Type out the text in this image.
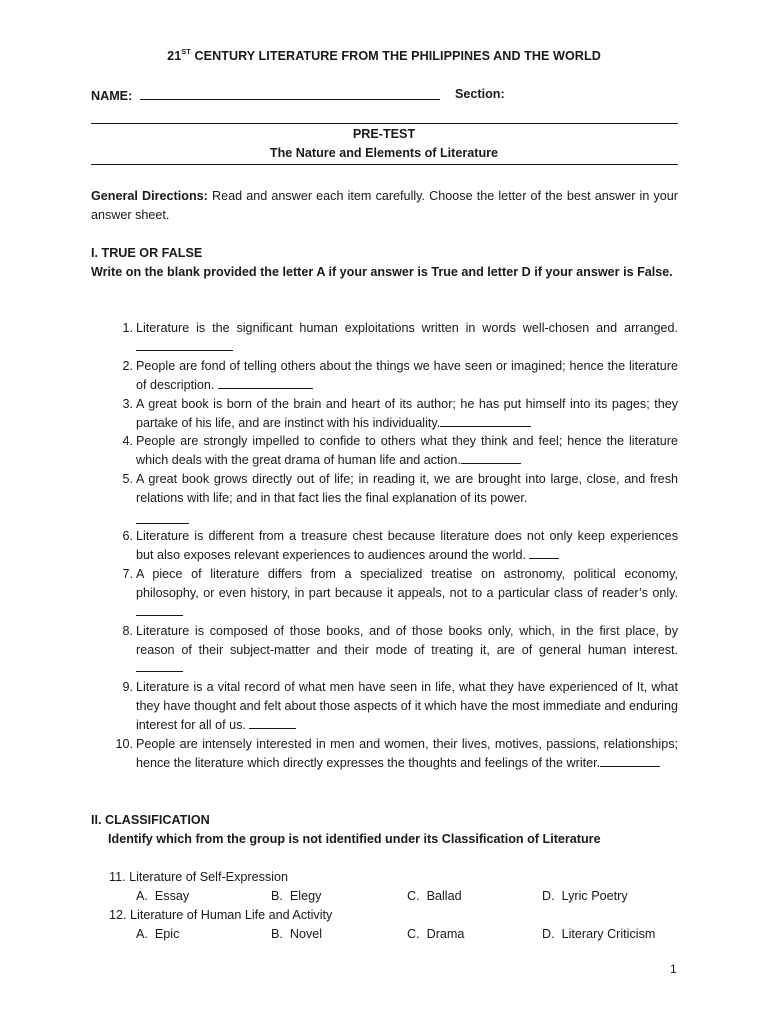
21ST CENTURY LITERATURE FROM THE PHILIPPINES AND THE WORLD
NAME:	Section:
PRE-TEST
The Nature and Elements of Literature
General Directions: Read and answer each item carefully. Choose the letter of the best answer in your answer sheet.
I. TRUE OR FALSE
Write on the blank provided the letter A if your answer is True and letter D if your answer is False.
1. Literature is the significant human exploitations written in words well-chosen and arranged.
2. People are fond of telling others about the things we have seen or imagined; hence the literature of description.
3. A great book is born of the brain and heart of its author; he has put himself into its pages; they partake of his life, and are instinct with his individuality.
4. People are strongly impelled to confide to others what they think and feel; hence the literature which deals with the great drama of human life and action.
5. A great book grows directly out of life; in reading it, we are brought into large, close, and fresh relations with life; and in that fact lies the final explanation of its power.
6. Literature is different from a treasure chest because literature does not only keep experiences but also exposes relevant experiences to audiences around the world.
7. A piece of literature differs from a specialized treatise on astronomy, political economy, philosophy, or even history, in part because it appeals, not to a particular class of reader’s only.
8. Literature is composed of those books, and of those books only, which, in the first place, by reason of their subject-matter and their mode of treating it, are of general human interest.
9. Literature is a vital record of what men have seen in life, what they have experienced of It, what they have thought and felt about those aspects of it which have the most immediate and enduring interest for all of us.
10. People are intensely interested in men and women, their lives, motives, passions, relationships; hence the literature which directly expresses the thoughts and feelings of the writer.
II. CLASSIFICATION
Identify which from the group is not identified under its Classification of Literature
11. Literature of Self-Expression
A. Essay	B. Elegy	C. Ballad	D. Lyric Poetry
12. Literature of Human Life and Activity
A. Epic	B. Novel	C. Drama	D. Literary Criticism
1
